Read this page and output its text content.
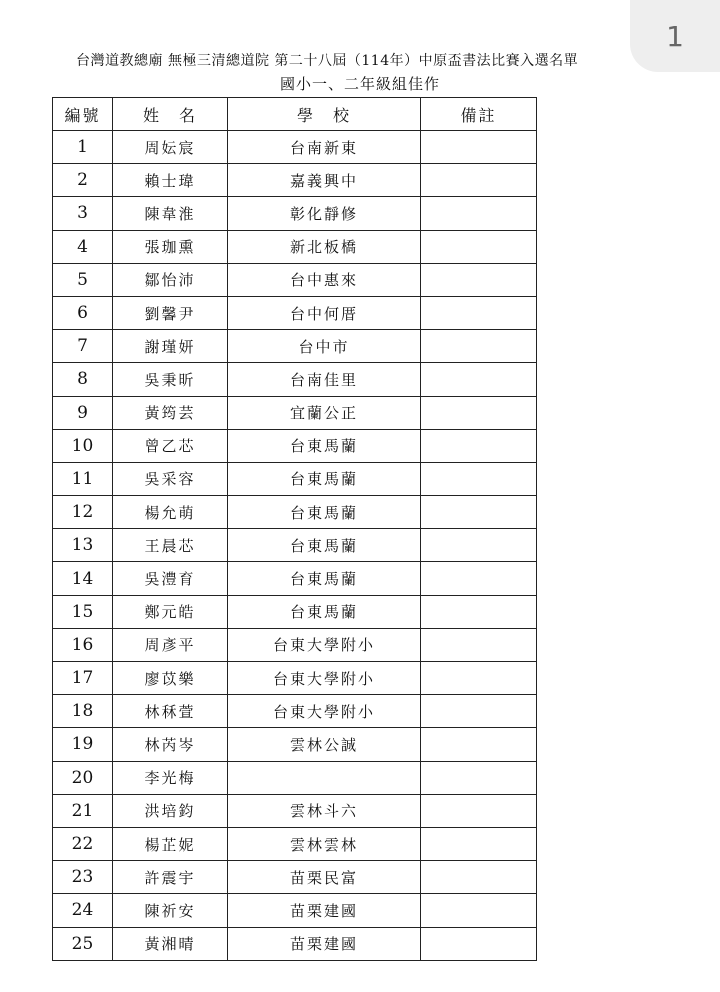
1
台灣道教總廟 無極三清總道院 第二十八屆（114年）中原盃書法比賽入選名單
國小一、二年級組佳作
編號	姓　名	學　校	備註
1	周妘宸	台南新東	
2	賴士瑋	嘉義興中	
3	陳韋淮	彰化靜修	
4	張珈熏	新北板橋	
5	鄒怡沛	台中惠來	
6	劉馨尹	台中何厝	
7	謝瑾妍	台中市	
8	吳秉昕	台南佳里	
9	黃筠芸	宜蘭公正	
10	曾乙芯	台東馬蘭	
11	吳采容	台東馬蘭	
12	楊允萌	台東馬蘭	
13	王晨芯	台東馬蘭	
14	吳澧育	台東馬蘭	
15	鄭元皓	台東馬蘭	
16	周彥平	台東大學附小	
17	廖苡樂	台東大學附小	
18	林秝萱	台東大學附小	
19	林芮岑	雲林公誠	
20	李光梅		
21	洪培鈞	雲林斗六	
22	楊芷妮	雲林雲林	
23	許震宇	苗栗民富	
24	陳祈安	苗栗建國	
25	黃湘晴	苗栗建國	
